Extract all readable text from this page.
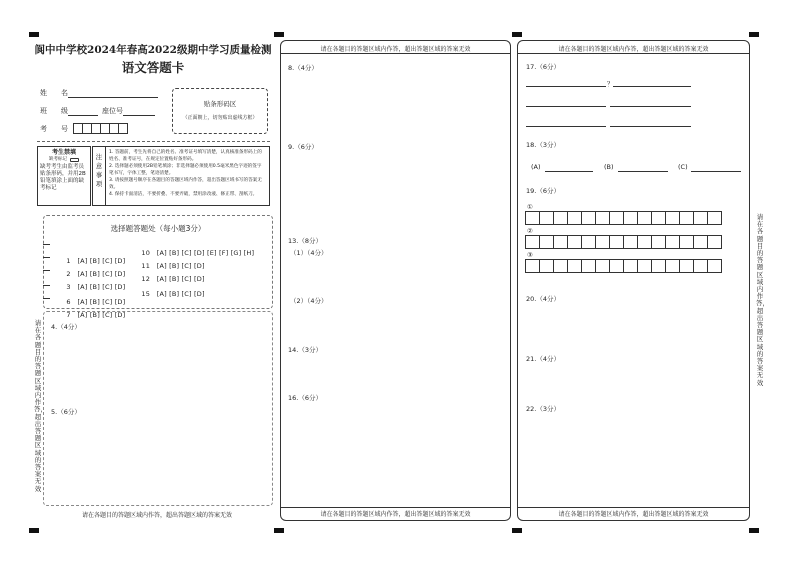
阆中中学校2024年春高2022级期中学习质量检测
语文答题卡
姓　　名
班　　级	座位号
考　　号
贴条形码区
（正面朝上，切勿贴出虚线方框）
考生禁填
缺考标记
缺考考生由监考员贴条形码，并用2B铅笔填涂上面的缺考标记
注意事项
1. 答题前，考生先将自己的姓名、准考证号填写清楚，认真核准条形码上的姓名、准考证号，在规定位置贴好条形码。
2. 选择题必须使用2B铅笔填涂；非选择题必须使用0.5毫米黑色字迹的签字笔书写，字体工整，笔迹清楚。
3. 请按照题号顺序在各题目的答题区域内作答，超出答题区域书写的答案无效。
4. 保持卡面清洁，不要折叠、不要弄破，禁用涂改液、修正带、刮纸刀。
选择题答题处（每小题3分）

1　[A] [B] [C] [D]

10　[A] [B] [C] [D] [E] [F] [G] [H]

2　[A] [B] [C] [D]

11　[A] [B] [C] [D]

3　[A] [B] [C] [D]

12　[A] [B] [C] [D]

6　[A] [B] [C] [D]

15　[A] [B] [C] [D]

7　[A] [B] [C] [D]

4.（4分）
5.（6分）
请在各题目的答题区域内作答，超出答题区域的答案无效
请在各题目的答题区域内作答，超出答题区域的答案无效
请在各题目的答题区域内作答，超出答题区域的答案无效
8.（4分）
9.（6分）
13.（8分）
（1）（4分）
（2）（4分）
14.（3分）
16.（6分）
请在各题目的答题区域内作答，超出答题区域的答案无效
请在各题目的答题区域内作答，超出答题区域的答案无效
17.（6分）
？
18.（3分）
(A)	(B)	(C)
19.（6分）
①
②
③
20.（4分）
21.（4分）
22.（3分）
请在各题目的答题区域内作答，超出答题区域的答案无效
请在各题目的答题区域内作答，超出答题区域的答案无效
